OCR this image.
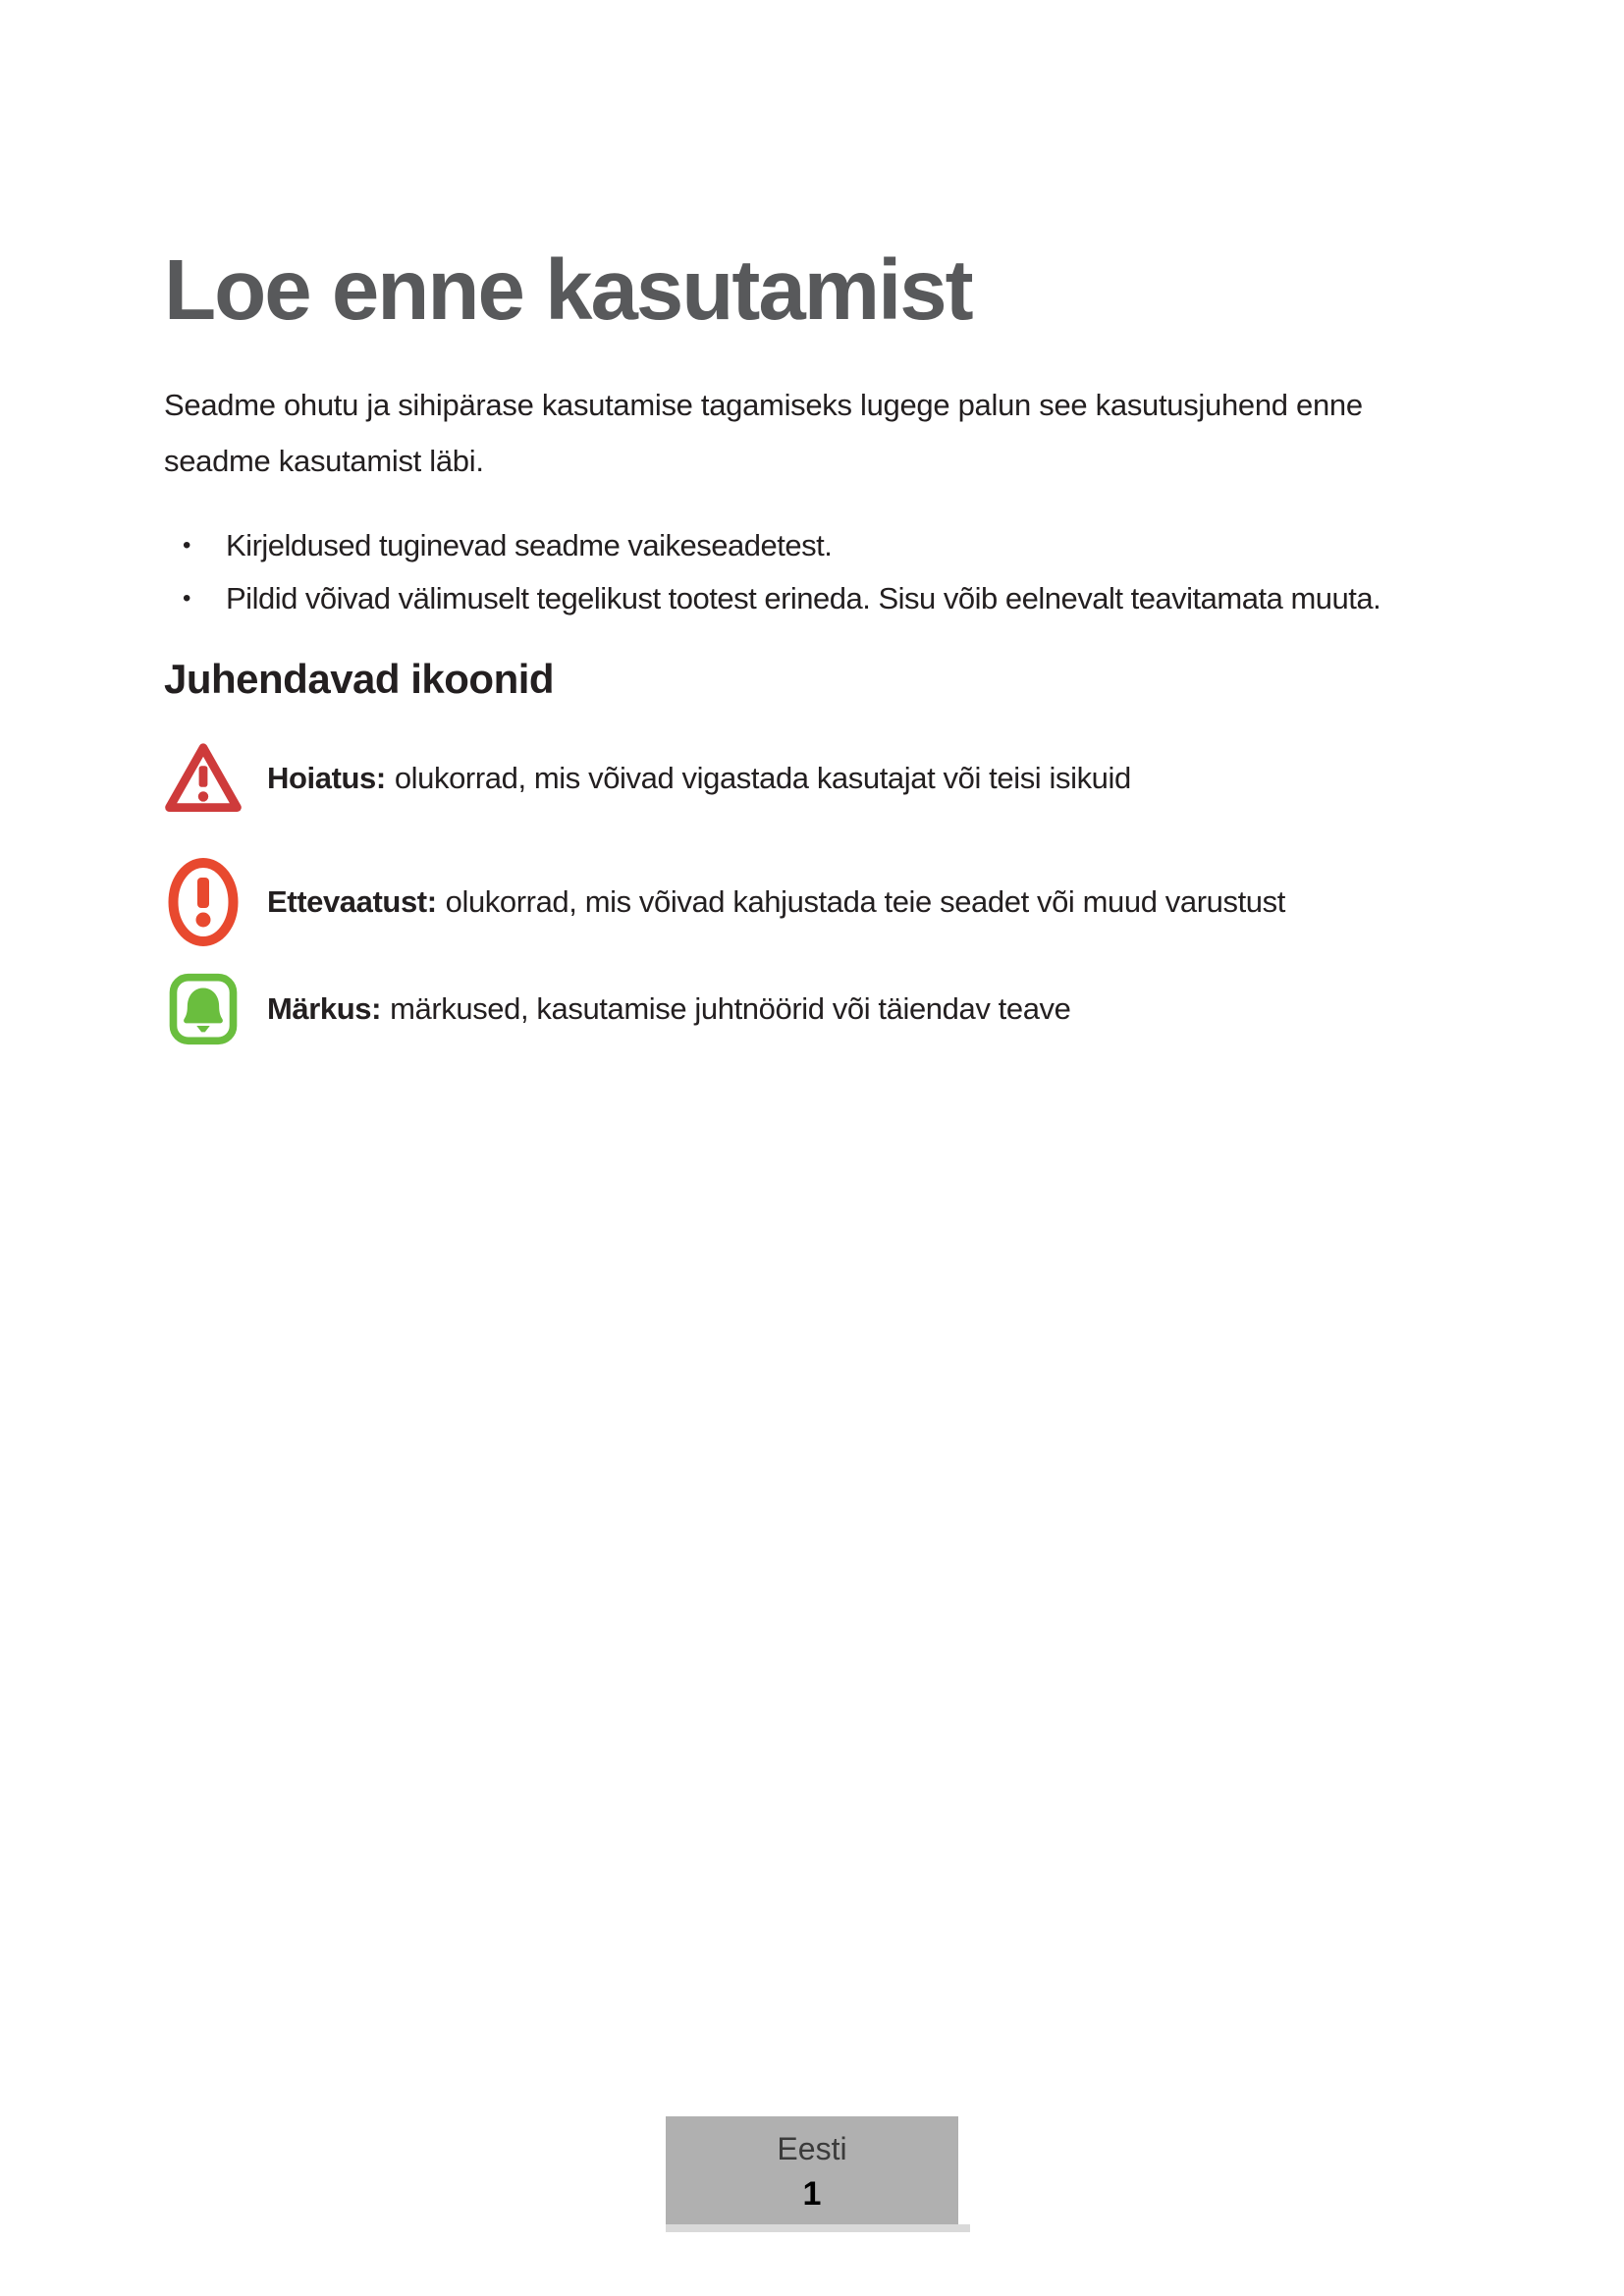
Loe enne kasutamist

Seadme ohutu ja sihipärase kasutamise tagamiseks lugege palun see kasutusjuhend enne
seadme kasutamist läbi.

• Kirjeldused tuginevad seadme vaikeseadetest.
• Pildid võivad välimuselt tegelikust tootest erineda. Sisu võib eelnevalt teavitamata muuta.
Juhendavad ikoonid
Hoiatus: olukorrad, mis võivad vigastada kasutajat või teisi isikuid
Ettevaatust: olukorrad, mis võivad kahjustada teie seadet või muud varustust
Märkus: märkused, kasutamise juhtnöörid või täiendav teave
Eesti
1
